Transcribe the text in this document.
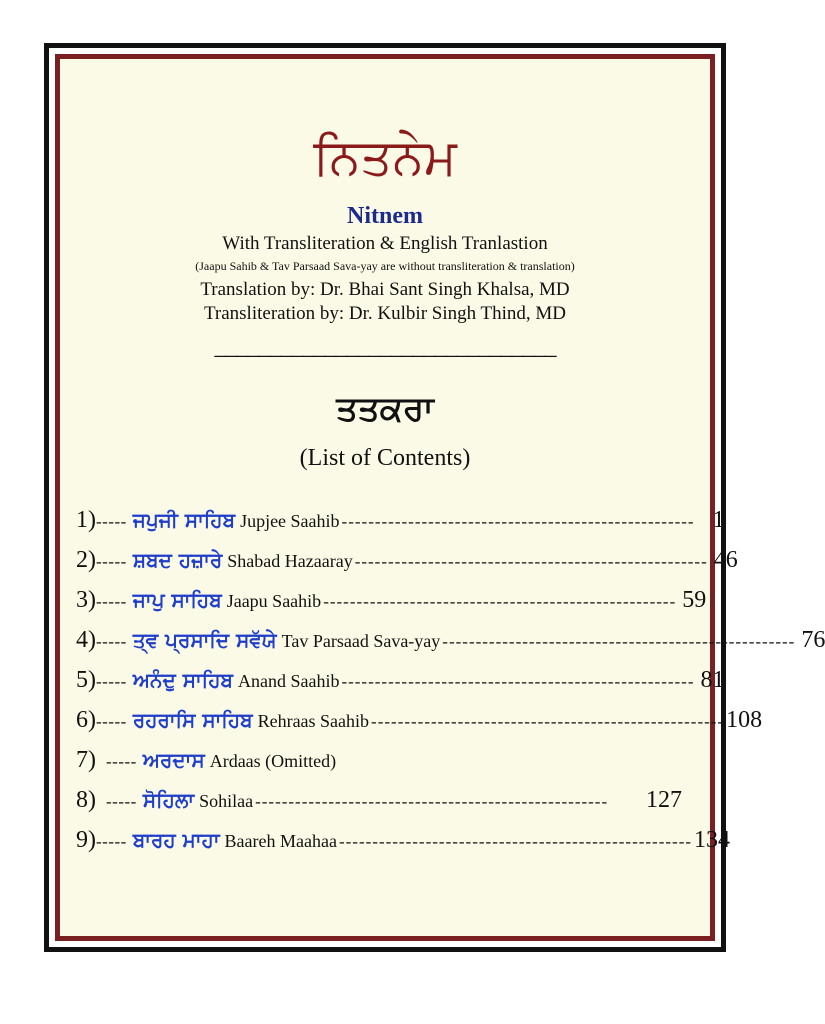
ਨਿਤਨੇਮ
Nitnem
With Transliteration & English Tranlastion
(Jaapu Sahib & Tav Parsaad Sava-yay are without transliteration & translation)
Translation by: Dr. Bhai Sant Singh Khalsa, MD
Transliteration by: Dr. Kulbir Singh Thind, MD
_______________________________
ਤਤਕਰਾ
(List of Contents)
1) ----- ਜਪੁਜੀ ਸਾਹਿਬ Jupjee Saahib ----------------------------------------------------- 1
2) ----- ਸ਼ਬਦ ਹਜ਼ਾਰੇ Shabad Hazaaray ----------------------------------------------------- 46
3) ----- ਜਾਪੁ ਸਾਹਿਬ Jaapu Saahib ----------------------------------------------------- 59
4) ----- ਤ੍ਵ ਪ੍ਰਸਾਦਿ ਸਵੱਯੇ Tav Parsaad Sava-yay ----------------------------------------------------- 76
5) ----- ਅਨੰਦੁ ਸਾਹਿਬ Anand Saahib ----------------------------------------------------- 81
6) ----- ਰਹਰਾਸਿ ਸਾਹਿਬ Rehraas Saahib ----------------------------------------------------- 108
7) ----- ਅਰਦਾਸ Ardaas (Omitted)
8) ----- ਸੋਹਿਲਾ Sohilaa -----------------------------------------------------	127
9) ----- ਬਾਰਹ ਮਾਹਾ Baareh Maahaa ----------------------------------------------------- 134
